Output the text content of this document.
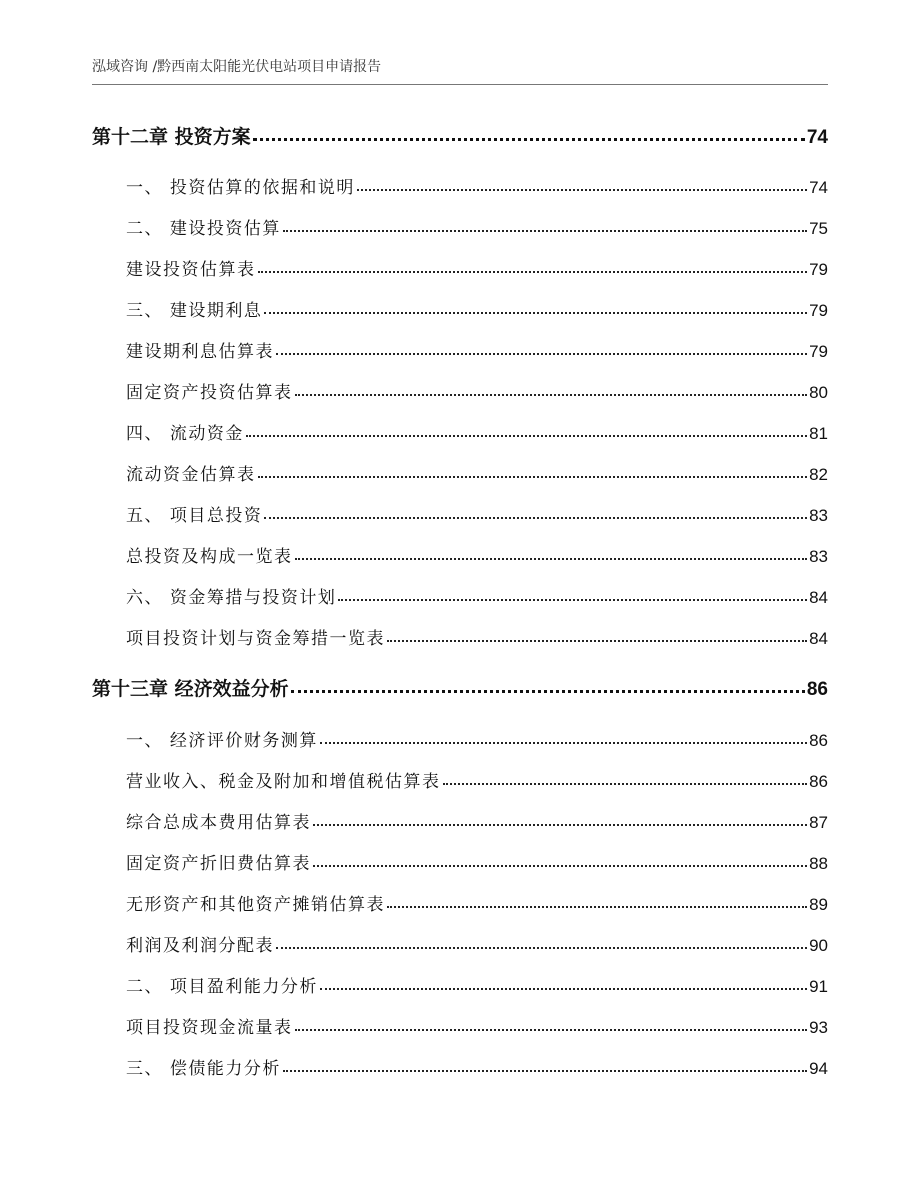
泓域咨询 /黔西南太阳能光伏电站项目申请报告
第十二章 投资方案	74
一、 投资估算的依据和说明	74
二、 建设投资估算	75
建设投资估算表	79
三、 建设期利息	79
建设期利息估算表	79
固定资产投资估算表	80
四、 流动资金	81
流动资金估算表	82
五、 项目总投资	83
总投资及构成一览表	83
六、 资金筹措与投资计划	84
项目投资计划与资金筹措一览表	84
第十三章 经济效益分析	86
一、 经济评价财务测算	86
营业收入、税金及附加和增值税估算表	86
综合总成本费用估算表	87
固定资产折旧费估算表	88
无形资产和其他资产摊销估算表	89
利润及利润分配表	90
二、 项目盈利能力分析	91
项目投资现金流量表	93
三、 偿债能力分析	94
